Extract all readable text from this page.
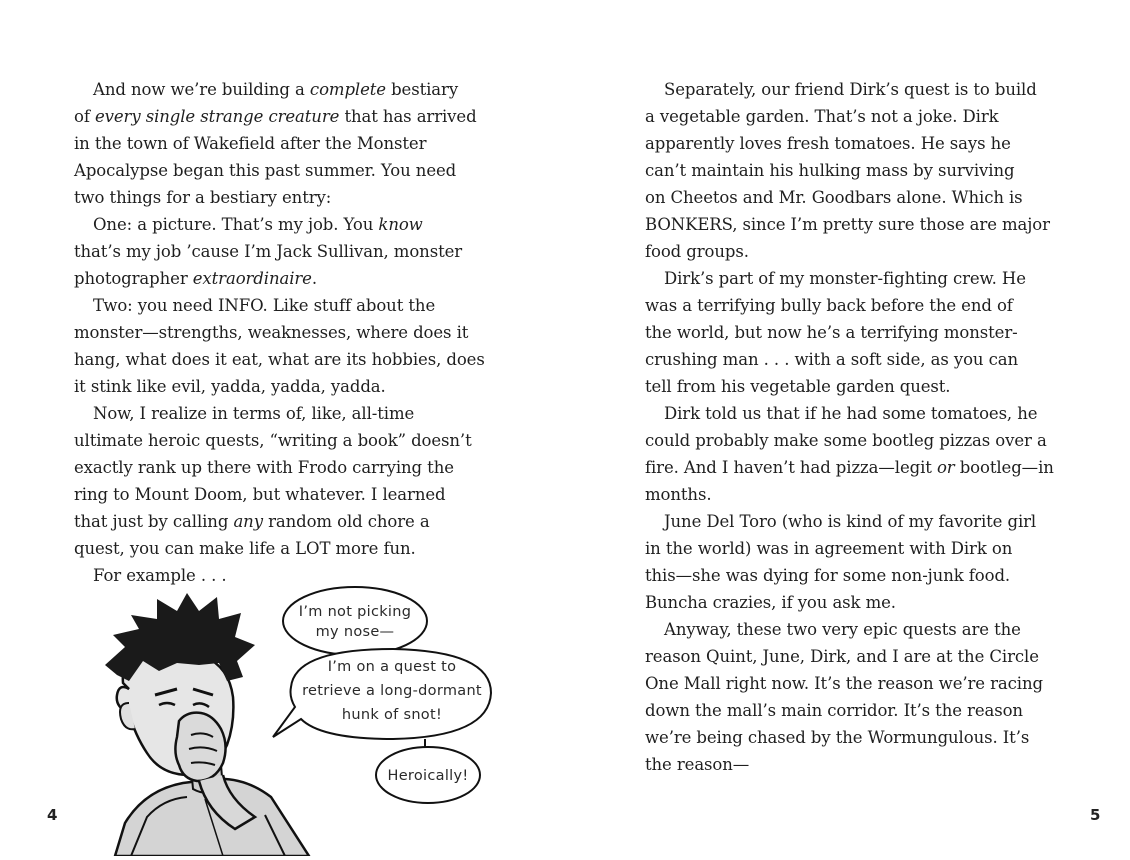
And now we’re building a complete bestiary
of every single strange creature that has arrived
in the town of Wakefield after the Monster
Apocalypse began this past summer. You need
two things for a bestiary entry:
One: a picture. That’s my job. You know
that’s my job ’cause I’m Jack Sullivan, monster
photographer extraordinaire.
Two: you need INFO. Like stuff about the
monster—strengths, weaknesses, where does it
hang, what does it eat, what are its hobbies, does
it stink like evil, yadda, yadda, yadda.
Now, I realize in terms of, like, all-time
ultimate heroic quests, “writing a book” doesn’t
exactly rank up there with Frodo carrying the
ring to Mount Doom, but whatever. I learned
that just by calling any random old chore a
quest, you can make life a LOT more fun.
For example . . .
I’m not picking
my nose—
I’m on a quest to
retrieve a long-dormant
hunk of snot!
Heroically!
4
Separately, our friend Dirk’s quest is to build
a vegetable garden. That’s not a joke. Dirk
apparently loves fresh tomatoes. He says he
can’t maintain his hulking mass by surviving
on Cheetos and Mr. Goodbars alone. Which is
BONKERS, since I’m pretty sure those are major
food groups.
Dirk’s part of my monster-fighting crew. He
was a terrifying bully back before the end of
the world, but now he’s a terrifying monster-
crushing man . . . with a soft side, as you can
tell from his vegetable garden quest.
Dirk told us that if he had some tomatoes, he
could probably make some bootleg pizzas over a
fire. And I haven’t had pizza—legit or bootleg—in
months.
June Del Toro (who is kind of my favorite girl
in the world) was in agreement with Dirk on
this—she was dying for some non-junk food.
Buncha crazies, if you ask me.
Anyway, these two very epic quests are the
reason Quint, June, Dirk, and I are at the Circle
One Mall right now. It’s the reason we’re racing
down the mall’s main corridor. It’s the reason
we’re being chased by the Wormungulous. It’s
the reason—
5
